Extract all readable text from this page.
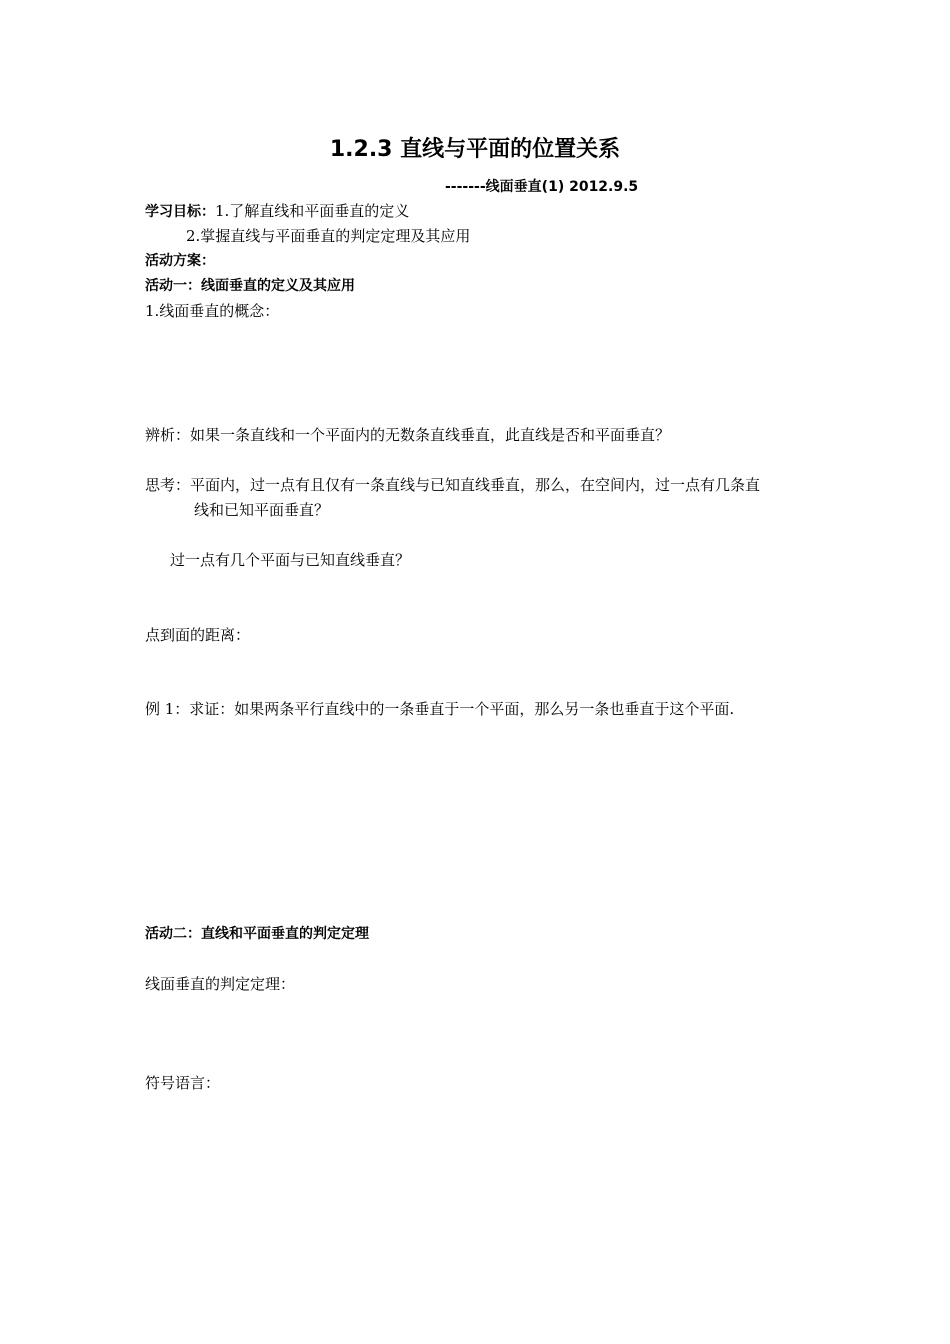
1.2.3 直线与平面的位置关系
-------线面垂直(1) 2012.9.5
学习目标：1.了解直线和平面垂直的定义
2.掌握直线与平面垂直的判定定理及其应用
活动方案：
活动一：线面垂直的定义及其应用
1.线面垂直的概念：
辨析：如果一条直线和一个平面内的无数条直线垂直，此直线是否和平面垂直？
思考：平面内，过一点有且仅有一条直线与已知直线垂直，那么，在空间内，过一点有几条直
线和已知平面垂直？
过一点有几个平面与已知直线垂直？
点到面的距离：
例 1：求证：如果两条平行直线中的一条垂直于一个平面，那么另一条也垂直于这个平面.
活动二：直线和平面垂直的判定定理
线面垂直的判定定理：
符号语言：
